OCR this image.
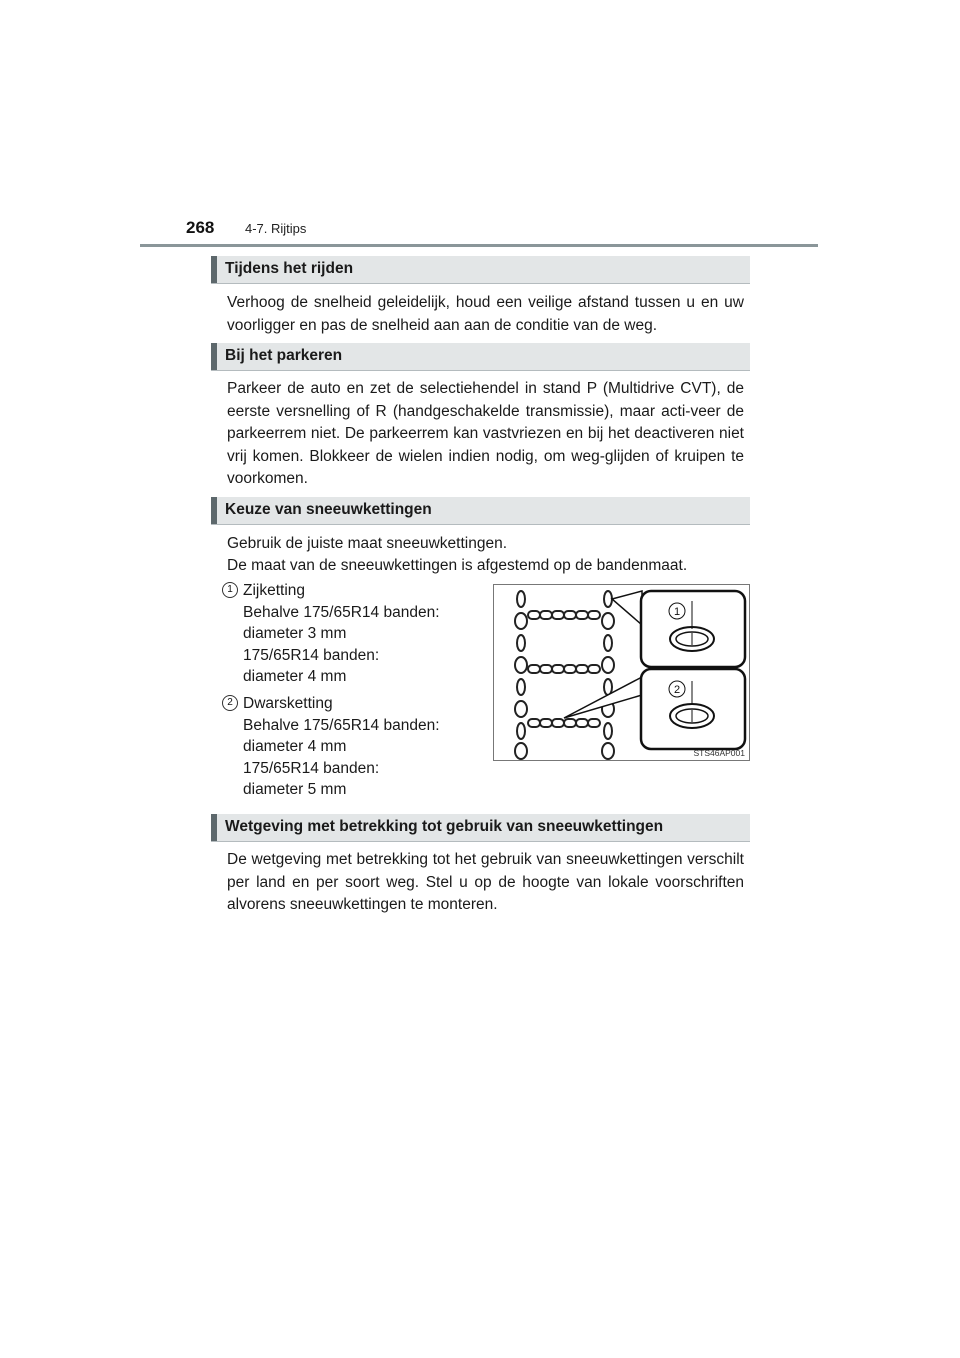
268 4-7. Rijtips
Tijdens het rijden

Verhoog de snelheid geleidelijk, houd een veilige afstand tussen u en uw voorligger en pas de snelheid aan aan de conditie van de weg.

Bij het parkeren

Parkeer de auto en zet de selectiehendel in stand P (Multidrive CVT), de eerste versnelling of R (handgeschakelde transmissie), maar acti-veer de parkeerrem niet. De parkeerrem kan vastvriezen en bij het deactiveren niet vrij komen. Blokkeer de wielen indien nodig, om weg-glijden of kruipen te voorkomen.

Keuze van sneeuwkettingen
Gebruik de juiste maat sneeuwkettingen.
De maat van de sneeuwkettingen is afgestemd op de bandenmaat.
1 Zijketting
Behalve 175/65R14 banden:
diameter 3 mm
175/65R14 banden:
diameter 4 mm
2 Dwarsketting
Behalve 175/65R14 banden:
diameter 4 mm
175/65R14 banden:
diameter 5 mm
1
2
STS46AP001
Wetgeving met betrekking tot gebruik van sneeuwkettingen

De wetgeving met betrekking tot het gebruik van sneeuwkettingen verschilt per land en per soort weg. Stel u op de hoogte van lokale voorschriften alvorens sneeuwkettingen te monteren.
